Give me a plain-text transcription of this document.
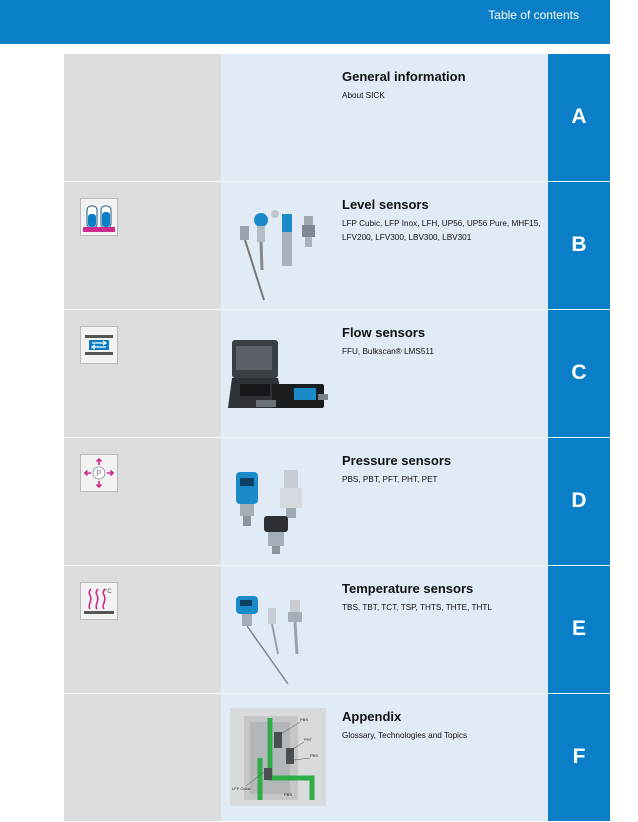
Table of contents
General information
About SICK
A
Level sensors
LFP Cubic, LFP Inox, LFH, UP56, UP56 Pure, MHF15, LFV200, LFV300, LBV300, LBV301	B
Flow sensors
FFU, Bulkscan® LMS511
C
P
Pressure sensors
PBS, PBT, PFT, PHT, PET
D
°C	Temperature sensors
TBS, TBT, TCT, TSP, THTS, THTE, THTL
E
PBS
PHT
PBS
LFP Cubic
PBS
Appendix
Glossary, Technologies and Topics
F
